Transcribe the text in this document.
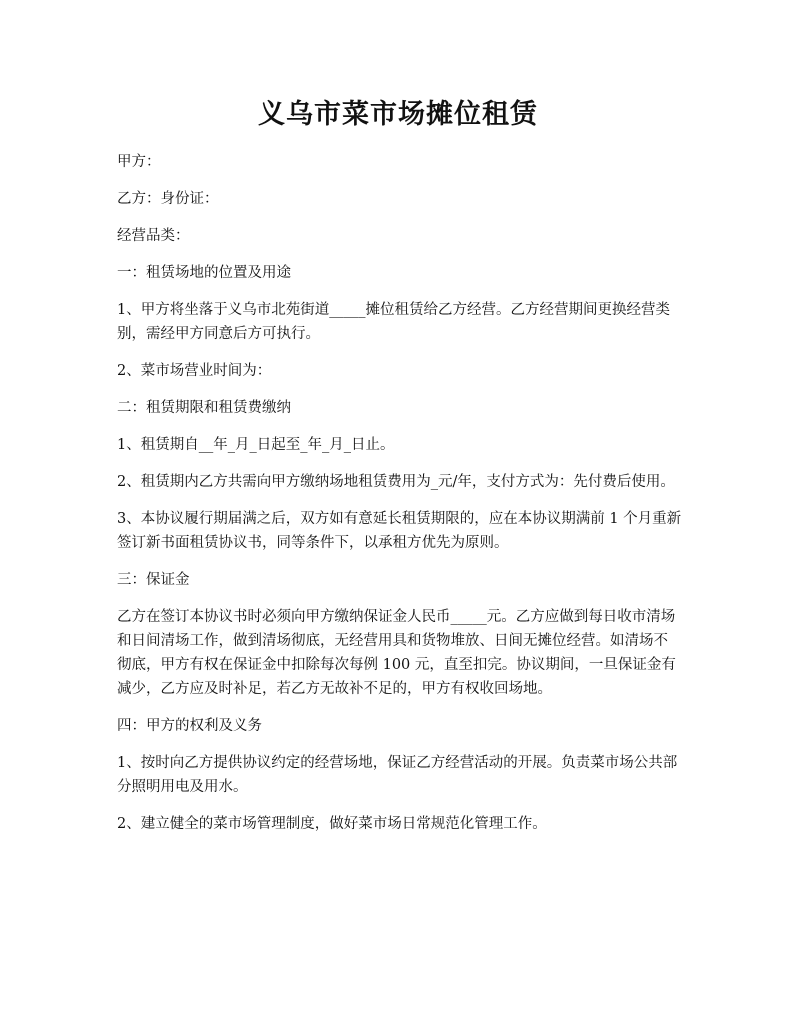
义乌市菜市场摊位租赁

甲方：

乙方：身份证：

经营品类：

一：租赁场地的位置及用途

1、甲方将坐落于义乌市北苑街道_____摊位租赁给乙方经营。乙方经营期间更换经营类别，需经甲方同意后方可执行。

2、菜市场营业时间为：

二：租赁期限和租赁费缴纳

1、租赁期自__年_月_日起至_年_月_日止。

2、租赁期内乙方共需向甲方缴纳场地租赁费用为_元/年，支付方式为：先付费后使用。

3、本协议履行期届满之后，双方如有意延长租赁期限的，应在本协议期满前 1 个月重新签订新书面租赁协议书，同等条件下，以承租方优先为原则。

三：保证金

乙方在签订本协议书时必须向甲方缴纳保证金人民币_____元。乙方应做到每日收市清场和日间清场工作，做到清场彻底，无经营用具和货物堆放、日间无摊位经营。如清场不彻底，甲方有权在保证金中扣除每次每例 100 元，直至扣完。协议期间，一旦保证金有减少，乙方应及时补足，若乙方无故补不足的，甲方有权收回场地。

四：甲方的权利及义务

1、按时向乙方提供协议约定的经营场地，保证乙方经营活动的开展。负责菜市场公共部分照明用电及用水。

2、建立健全的菜市场管理制度，做好菜市场日常规范化管理工作。
